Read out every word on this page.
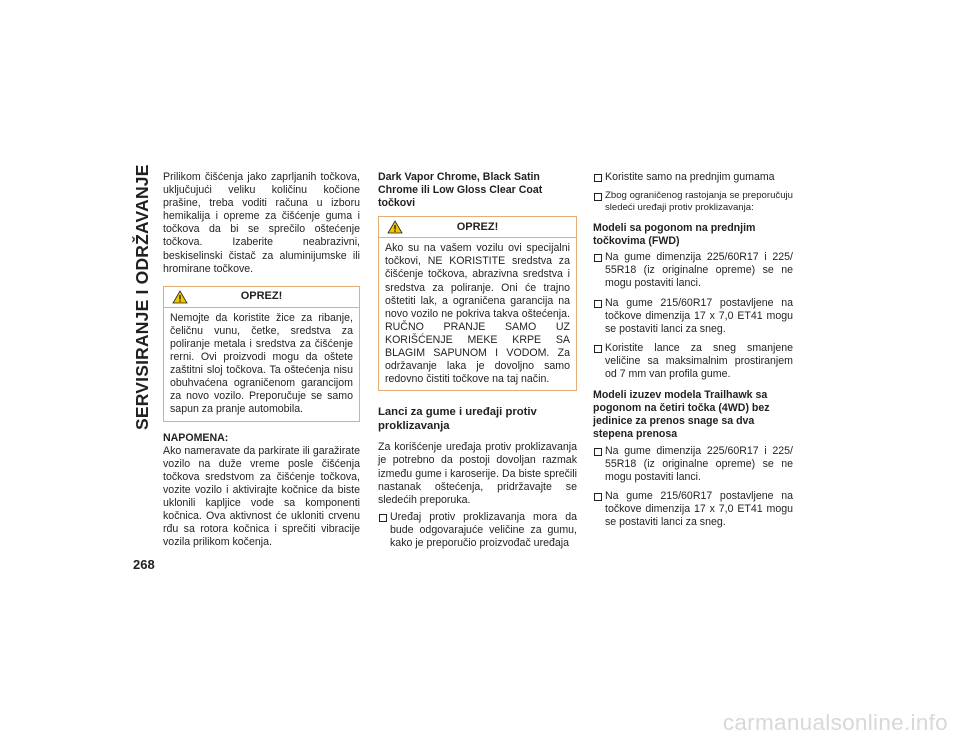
SERVISIRANJE I ODRŽAVANJE
268

Prilikom čišćenja jako zaprljanih točkova, uključujući veliku količinu kočione prašine, treba voditi računa u izboru hemikalija i opreme za čišćenje guma i točkova da bi se sprečilo oštećenje točkova. Izaberite neabrazivni, beskiselinski čistač za aluminijumske ili hromirane točkove.

OPREZ!
Nemojte da koristite žice za ribanje, čeličnu vunu, četke, sredstva za poliranje metala i sredstva za čišćenje rerni. Ovi proizvodi mogu da oštete zaštitni sloj točkova. Ta oštećenja nisu obuhvaćena ograničenom garancijom za novo vozilo. Preporučuje se samo sapun za pranje automobila.
NAPOMENA:

Ako nameravate da parkirate ili garažirate vozilo na duže vreme posle čišćenja točkova sredstvom za čišćenje točkova, vozite vozilo i aktivirajte kočnice da biste uklonili kapljice vode sa komponenti kočnica. Ova aktivnost će ukloniti crvenu rđu sa rotora kočnica i sprečiti vibracije vozila prilikom kočenja.

Dark Vapor Chrome, Black Satin Chrome ili Low Gloss Clear Coat točkovi
OPREZ!
Ako su na vašem vozilu ovi specijalni točkovi, NE KORISTITE sredstva za čišćenje točkova, abrazivna sredstva i sredstva za poliranje. Oni će trajno oštetiti lak, a ograničena garancija na novo vozilo ne pokriva takva oštećenja. RUČNO PRANJE SAMO UZ KORIŠĆENJE MEKE KRPE SA BLAGIM SAPUNOM I VODOM. Za održavanje laka je dovoljno samo redovno čistiti točkove na taj način.
Lanci za gume i uređaji protiv proklizavanja

Za korišćenje uređaja protiv proklizavanja je potrebno da postoji dovoljan razmak između gume i karoserije. Da biste sprečili nastanak oštećenja, pridržavajte se sledećih preporuka.

Uređaj protiv proklizavanja mora da bude odgovarajuće veličine za gumu, kako je preporučio proizvođač uređaja
Koristite samo na prednjim gumama
Zbog ograničenog rastojanja se preporučuju sledeći uređaji protiv proklizavanja:
Modeli sa pogonom na prednjim točkovima (FWD)
Na gume dimenzija 225/60R17 i 225/ 55R18 (iz originalne opreme) se ne mogu postaviti lanci.
Na gume 215/60R17 postavljene na točkove dimenzija 17 x 7,0 ET41 mogu se postaviti lanci za sneg.
Koristite lance za sneg smanjene veličine sa maksimalnim prostiranjem od 7 mm van profila gume.
Modeli izuzev modela Trailhawk sa pogonom na četiri točka (4WD) bez jedinice za prenos snage sa dva stepena prenosa
Na gume dimenzija 225/60R17 i 225/ 55R18 (iz originalne opreme) se ne mogu postaviti lanci.
Na gume 215/60R17 postavljene na točkove dimenzija 17 x 7,0 ET41 mogu se postaviti lanci za sneg.
carmanualsonline.info
